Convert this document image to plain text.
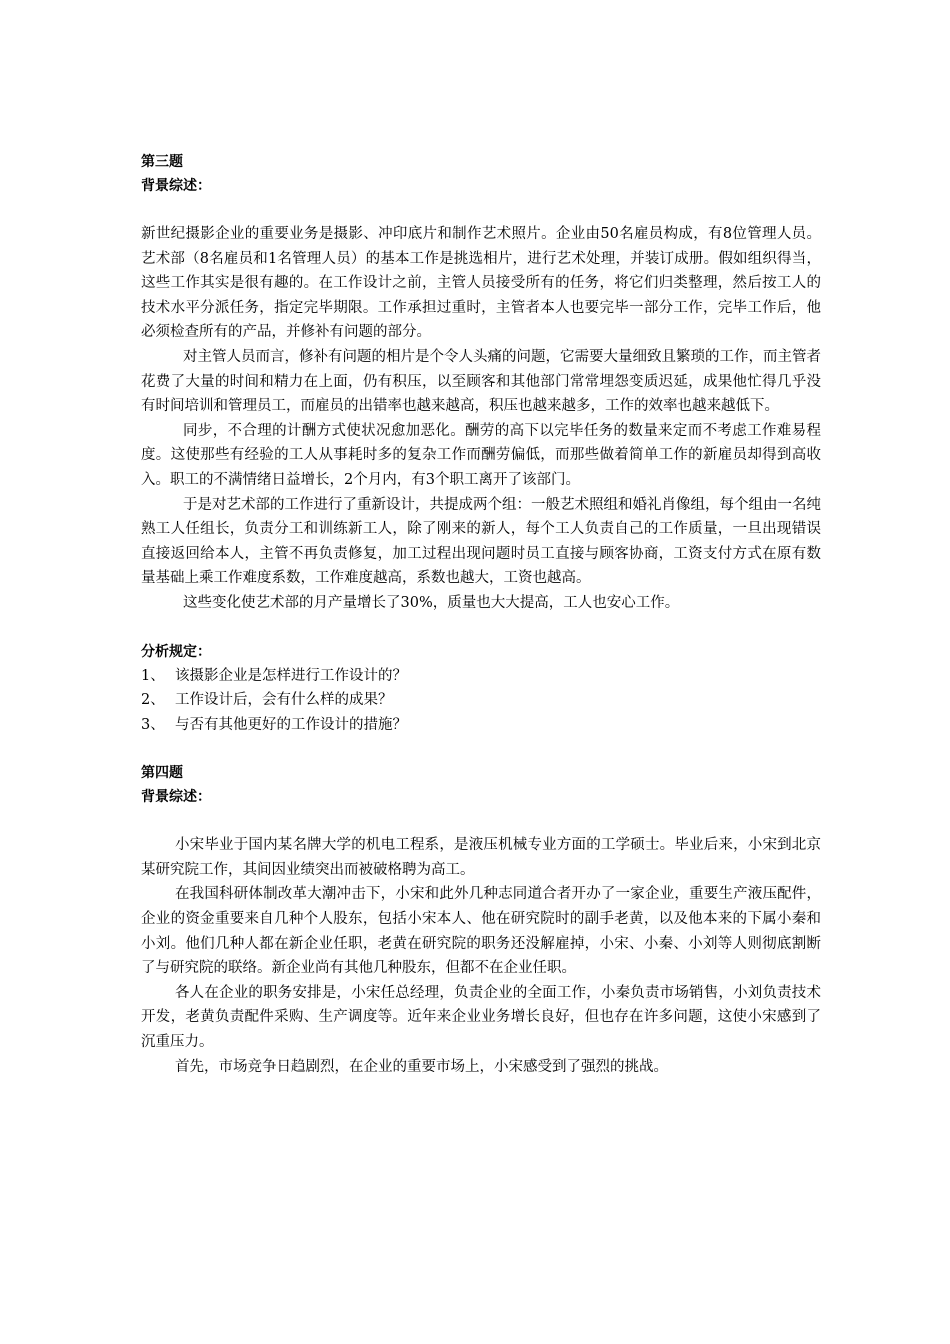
第三题
背景综述：

新世纪摄影企业的重要业务是摄影、冲印底片和制作艺术照片。企业由50名雇员构成，有8位管理人员。艺术部（8名雇员和1名管理人员）的基本工作是挑选相片，进行艺术处理，并装订成册。假如组织得当，这些工作其实是很有趣的。在工作设计之前，主管人员接受所有的任务，将它们归类整理，然后按工人的技术水平分派任务，指定完毕期限。工作承担过重时，主管者本人也要完毕一部分工作，完毕工作后，他必须检查所有的产品，并修补有问题的部分。

对主管人员而言，修补有问题的相片是个令人头痛的问题，它需要大量细致且繁琐的工作，而主管者花费了大量的时间和精力在上面，仍有积压，以至顾客和其他部门常常埋怨变质迟延，成果他忙得几乎没有时间培训和管理员工，而雇员的出错率也越来越高，积压也越来越多，工作的效率也越来越低下。

同步，不合理的计酬方式使状况愈加恶化。酬劳的高下以完毕任务的数量来定而不考虑工作难易程度。这使那些有经验的工人从事耗时多的复杂工作而酬劳偏低，而那些做着简单工作的新雇员却得到高收入。职工的不满情绪日益增长，2个月内，有3个职工离开了该部门。

于是对艺术部的工作进行了重新设计，共提成两个组：一般艺术照组和婚礼肖像组，每个组由一名纯熟工人任组长，负责分工和训练新工人，除了刚来的新人，每个工人负责自己的工作质量，一旦出现错误直接返回给本人，主管不再负责修复，加工过程出现问题时员工直接与顾客协商，工资支付方式在原有数量基础上乘工作难度系数，工作难度越高，系数也越大，工资也越高。

这些变化使艺术部的月产量增长了30%，质量也大大提高，工人也安心工作。

分析规定：
1、 该摄影企业是怎样进行工作设计的？
2、 工作设计后，会有什么样的成果？
3、 与否有其他更好的工作设计的措施？
第四题
背景综述：

小宋毕业于国内某名牌大学的机电工程系，是液压机械专业方面的工学硕士。毕业后来，小宋到北京某研究院工作，其间因业绩突出而被破格聘为高工。

在我国科研体制改革大潮冲击下，小宋和此外几种志同道合者开办了一家企业，重要生产液压配件，企业的资金重要来自几种个人股东，包括小宋本人、他在研究院时的副手老黄，以及他本来的下属小秦和小刘。他们几种人都在新企业任职，老黄在研究院的职务还没解雇掉，小宋、小秦、小刘等人则彻底割断了与研究院的联络。新企业尚有其他几种股东，但都不在企业任职。

各人在企业的职务安排是，小宋任总经理，负责企业的全面工作，小秦负责市场销售，小刘负责技术开发，老黄负责配件采购、生产调度等。近年来企业业务增长良好，但也存在许多问题，这使小宋感到了沉重压力。

首先，市场竞争日趋剧烈，在企业的重要市场上，小宋感受到了强烈的挑战。
